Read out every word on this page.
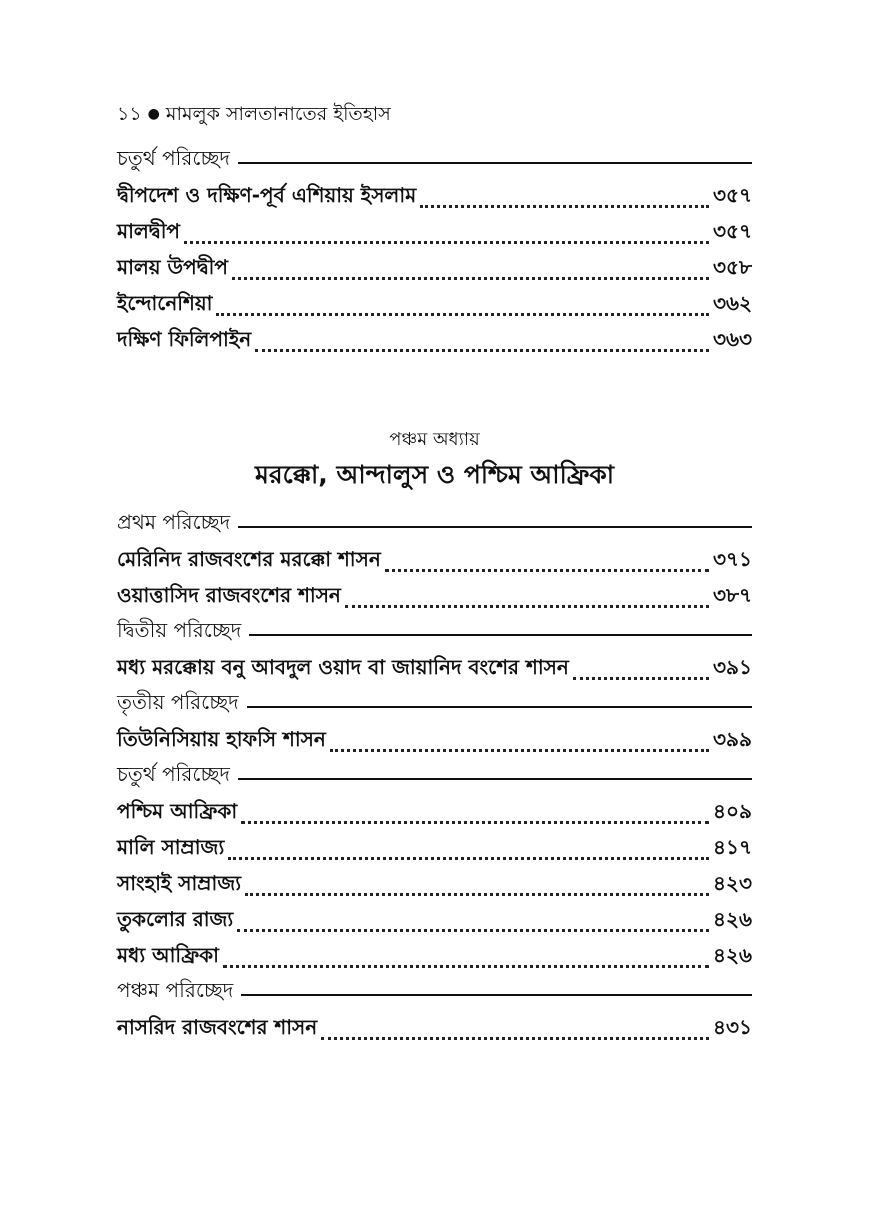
১১ ● মামলুক সালতানাতের ইতিহাস
চতুর্থ পরিচ্ছেদ
দ্বীপদেশ ও দক্ষিণ-পূর্ব এশিয়ায় ইসলাম	৩৫৭
মালদ্বীপ	৩৫৭
মালয় উপদ্বীপ	৩৫৮
ইন্দোনেশিয়া	৩৬২
দক্ষিণ ফিলিপাইন	৩৬৩
পঞ্চম অধ্যায়
মরক্কো, আন্দালুস ও পশ্চিম আফ্রিকা
প্রথম পরিচ্ছেদ
মেরিনিদ রাজবংশের মরক্কো শাসন	৩৭১
ওয়াত্তাসিদ রাজবংশের শাসন	৩৮৭
দ্বিতীয় পরিচ্ছেদ
মধ্য মরক্কোয় বনু আবদুল ওয়াদ বা জায়ানিদ বংশের শাসন	৩৯১
তৃতীয় পরিচ্ছেদ
তিউনিসিয়ায় হাফসি শাসন	৩৯৯
চতুর্থ পরিচ্ছেদ
পশ্চিম আফ্রিকা	৪০৯
মালি সাম্রাজ্য	৪১৭
সাংহাই সাম্রাজ্য	৪২৩
তুকলোর রাজ্য	৪২৬
মধ্য আফ্রিকা	৪২৬
পঞ্চম পরিচ্ছেদ
নাসরিদ রাজবংশের শাসন	৪৩১
